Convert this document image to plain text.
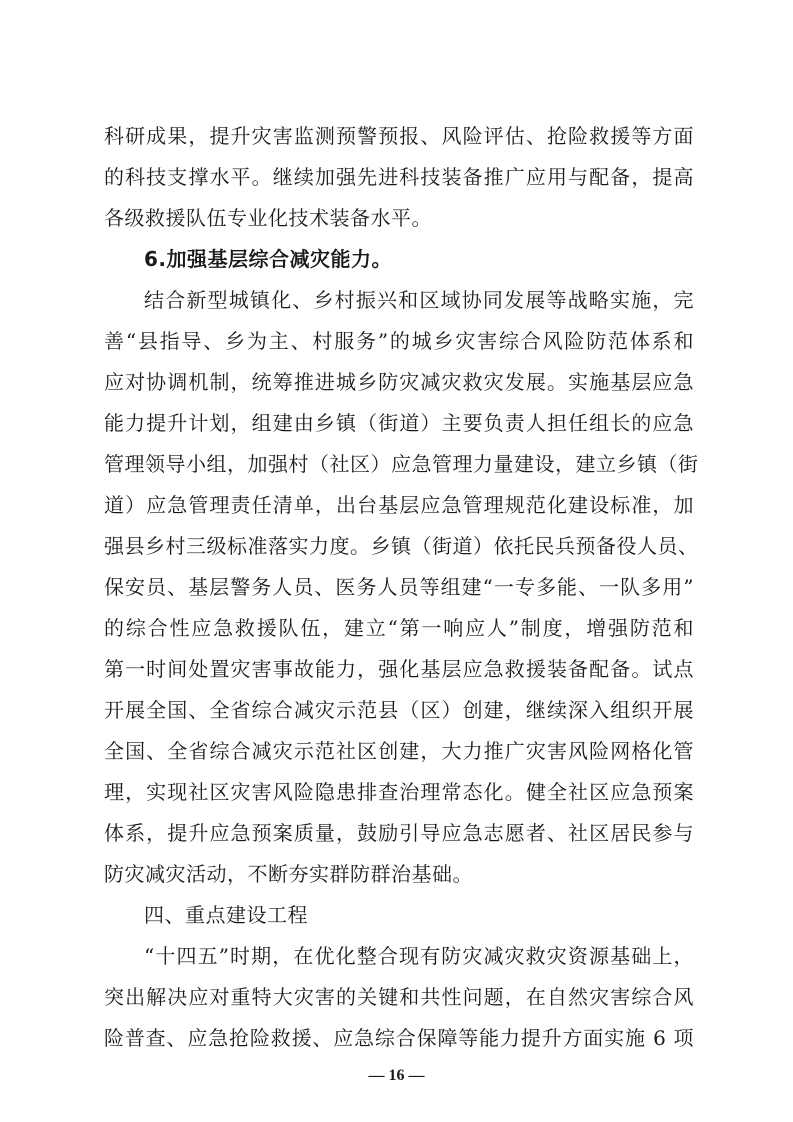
科研成果，提升灾害监测预警预报、风险评估、抢险救援等方面
的科技支撑水平。继续加强先进科技装备推广应用与配备，提高
各级救援队伍专业化技术装备水平。
6.加强基层综合减灾能力。
结合新型城镇化、乡村振兴和区域协同发展等战略实施，完
善“县指导、乡为主、村服务”的城乡灾害综合风险防范体系和
应对协调机制，统筹推进城乡防灾减灾救灾发展。实施基层应急
能力提升计划，组建由乡镇（街道）主要负责人担任组长的应急
管理领导小组，加强村（社区）应急管理力量建设，建立乡镇（街
道）应急管理责任清单，出台基层应急管理规范化建设标准，加
强县乡村三级标准落实力度。乡镇（街道）依托民兵预备役人员、
保安员、基层警务人员、医务人员等组建“一专多能、一队多用”
的综合性应急救援队伍，建立“第一响应人”制度，增强防范和
第一时间处置灾害事故能力，强化基层应急救援装备配备。试点
开展全国、全省综合减灾示范县（区）创建，继续深入组织开展
全国、全省综合减灾示范社区创建，大力推广灾害风险网格化管
理，实现社区灾害风险隐患排查治理常态化。健全社区应急预案
体系，提升应急预案质量，鼓励引导应急志愿者、社区居民参与
防灾减灾活动，不断夯实群防群治基础。
四、重点建设工程
“十四五”时期，在优化整合现有防灾减灾救灾资源基础上，
突出解决应对重特大灾害的关键和共性问题，在自然灾害综合风
险普查、应急抢险救援、应急综合保障等能力提升方面实施 6 项
— 16 —
